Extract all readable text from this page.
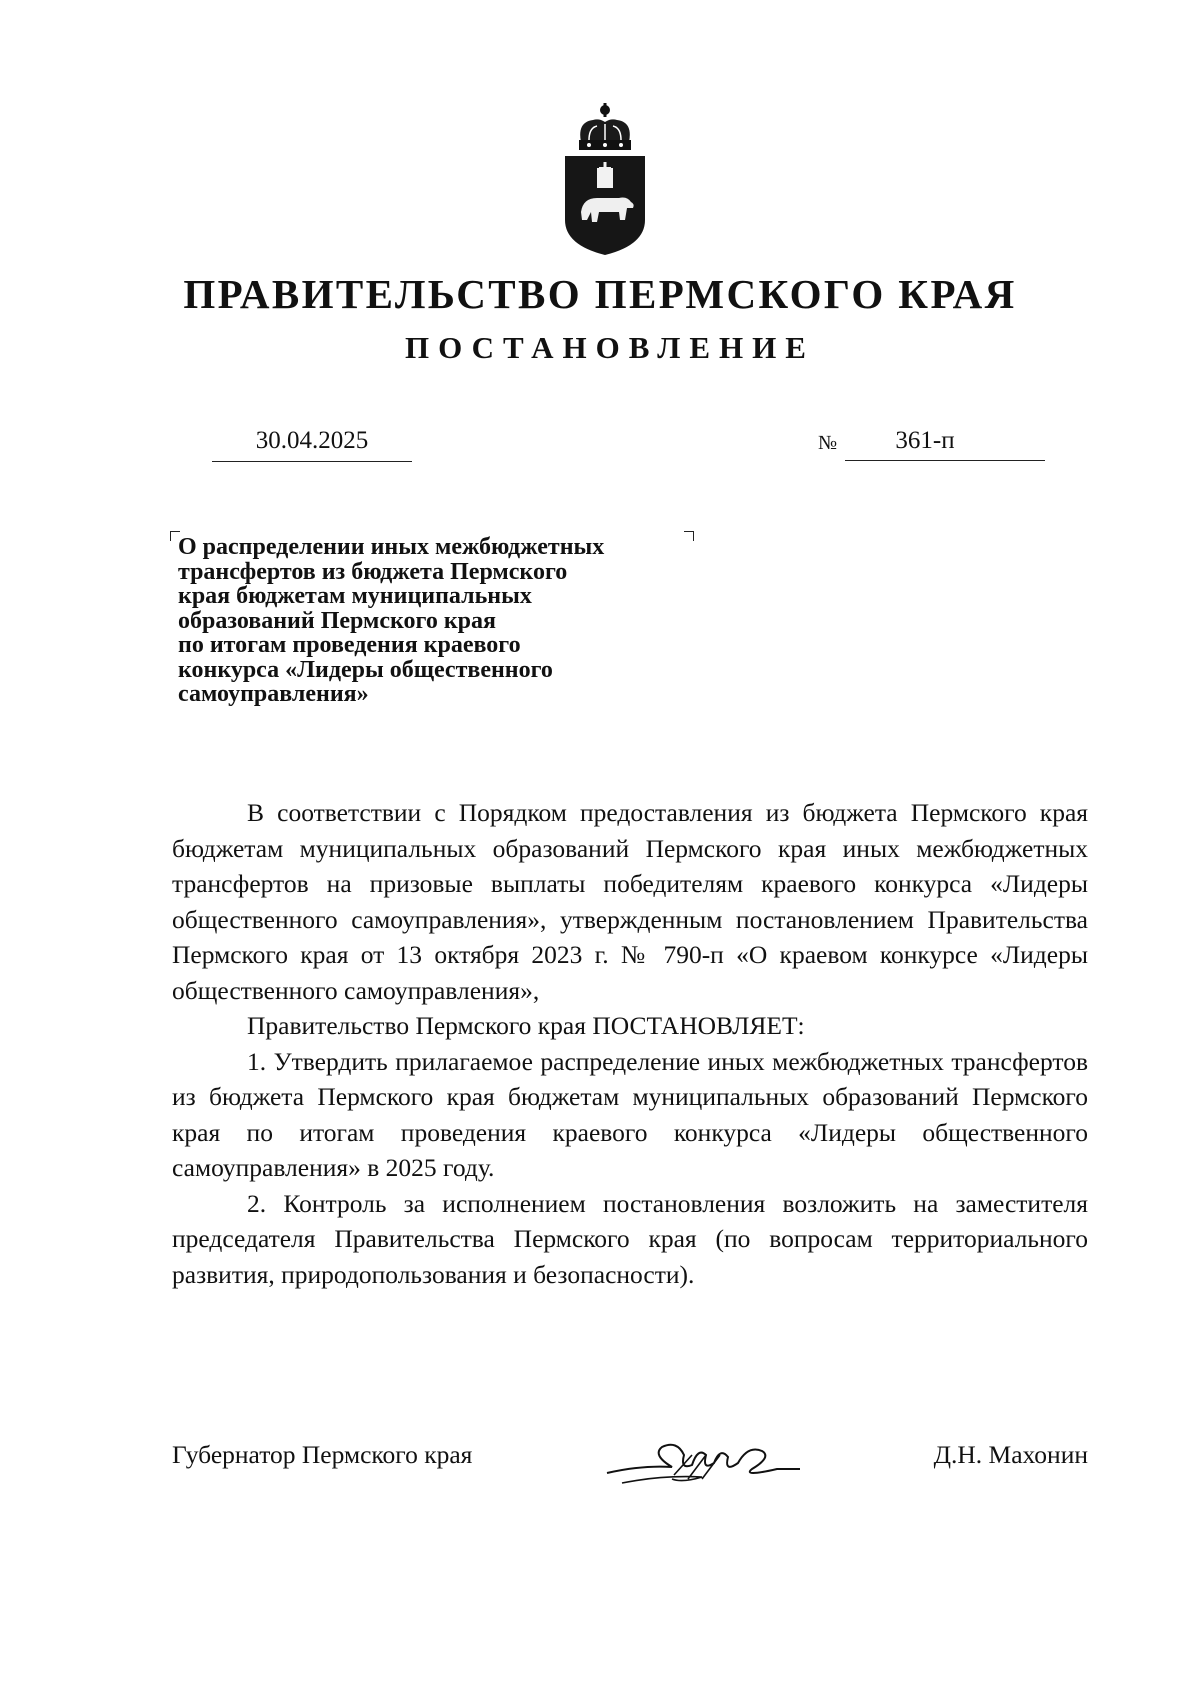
ПРАВИТЕЛЬСТВО ПЕРМСКОГО КРАЯ
ПОСТАНОВЛЕНИЕ
30.04.2025	№	361-п
О распределении иных межбюджетных
трансфертов из бюджета Пермского
края бюджетам муниципальных
образований Пермского края
по итогам проведения краевого
конкурса «Лидеры общественного
самоуправления»

В соответствии с Порядком предоставления из бюджета Пермского края бюджетам муниципальных образований Пермского края иных межбюджетных трансфертов на призовые выплаты победителям краевого конкурса «Лидеры общественного самоуправления», утвержденным постановлением Правительства Пермского края от 13 октября 2023 г. № 790-п «О краевом конкурсе «Лидеры общественного самоуправления»,

Правительство Пермского края ПОСТАНОВЛЯЕТ:

1. Утвердить прилагаемое распределение иных межбюджетных трансфертов из бюджета Пермского края бюджетам муниципальных образований Пермского края по итогам проведения краевого конкурса «Лидеры общественного самоуправления» в 2025 году.

2. Контроль за исполнением постановления возложить на заместителя председателя Правительства Пермского края (по вопросам территориального развития, природопользования и безопасности).

Губернатор Пермского края	Д.Н. Махонин
